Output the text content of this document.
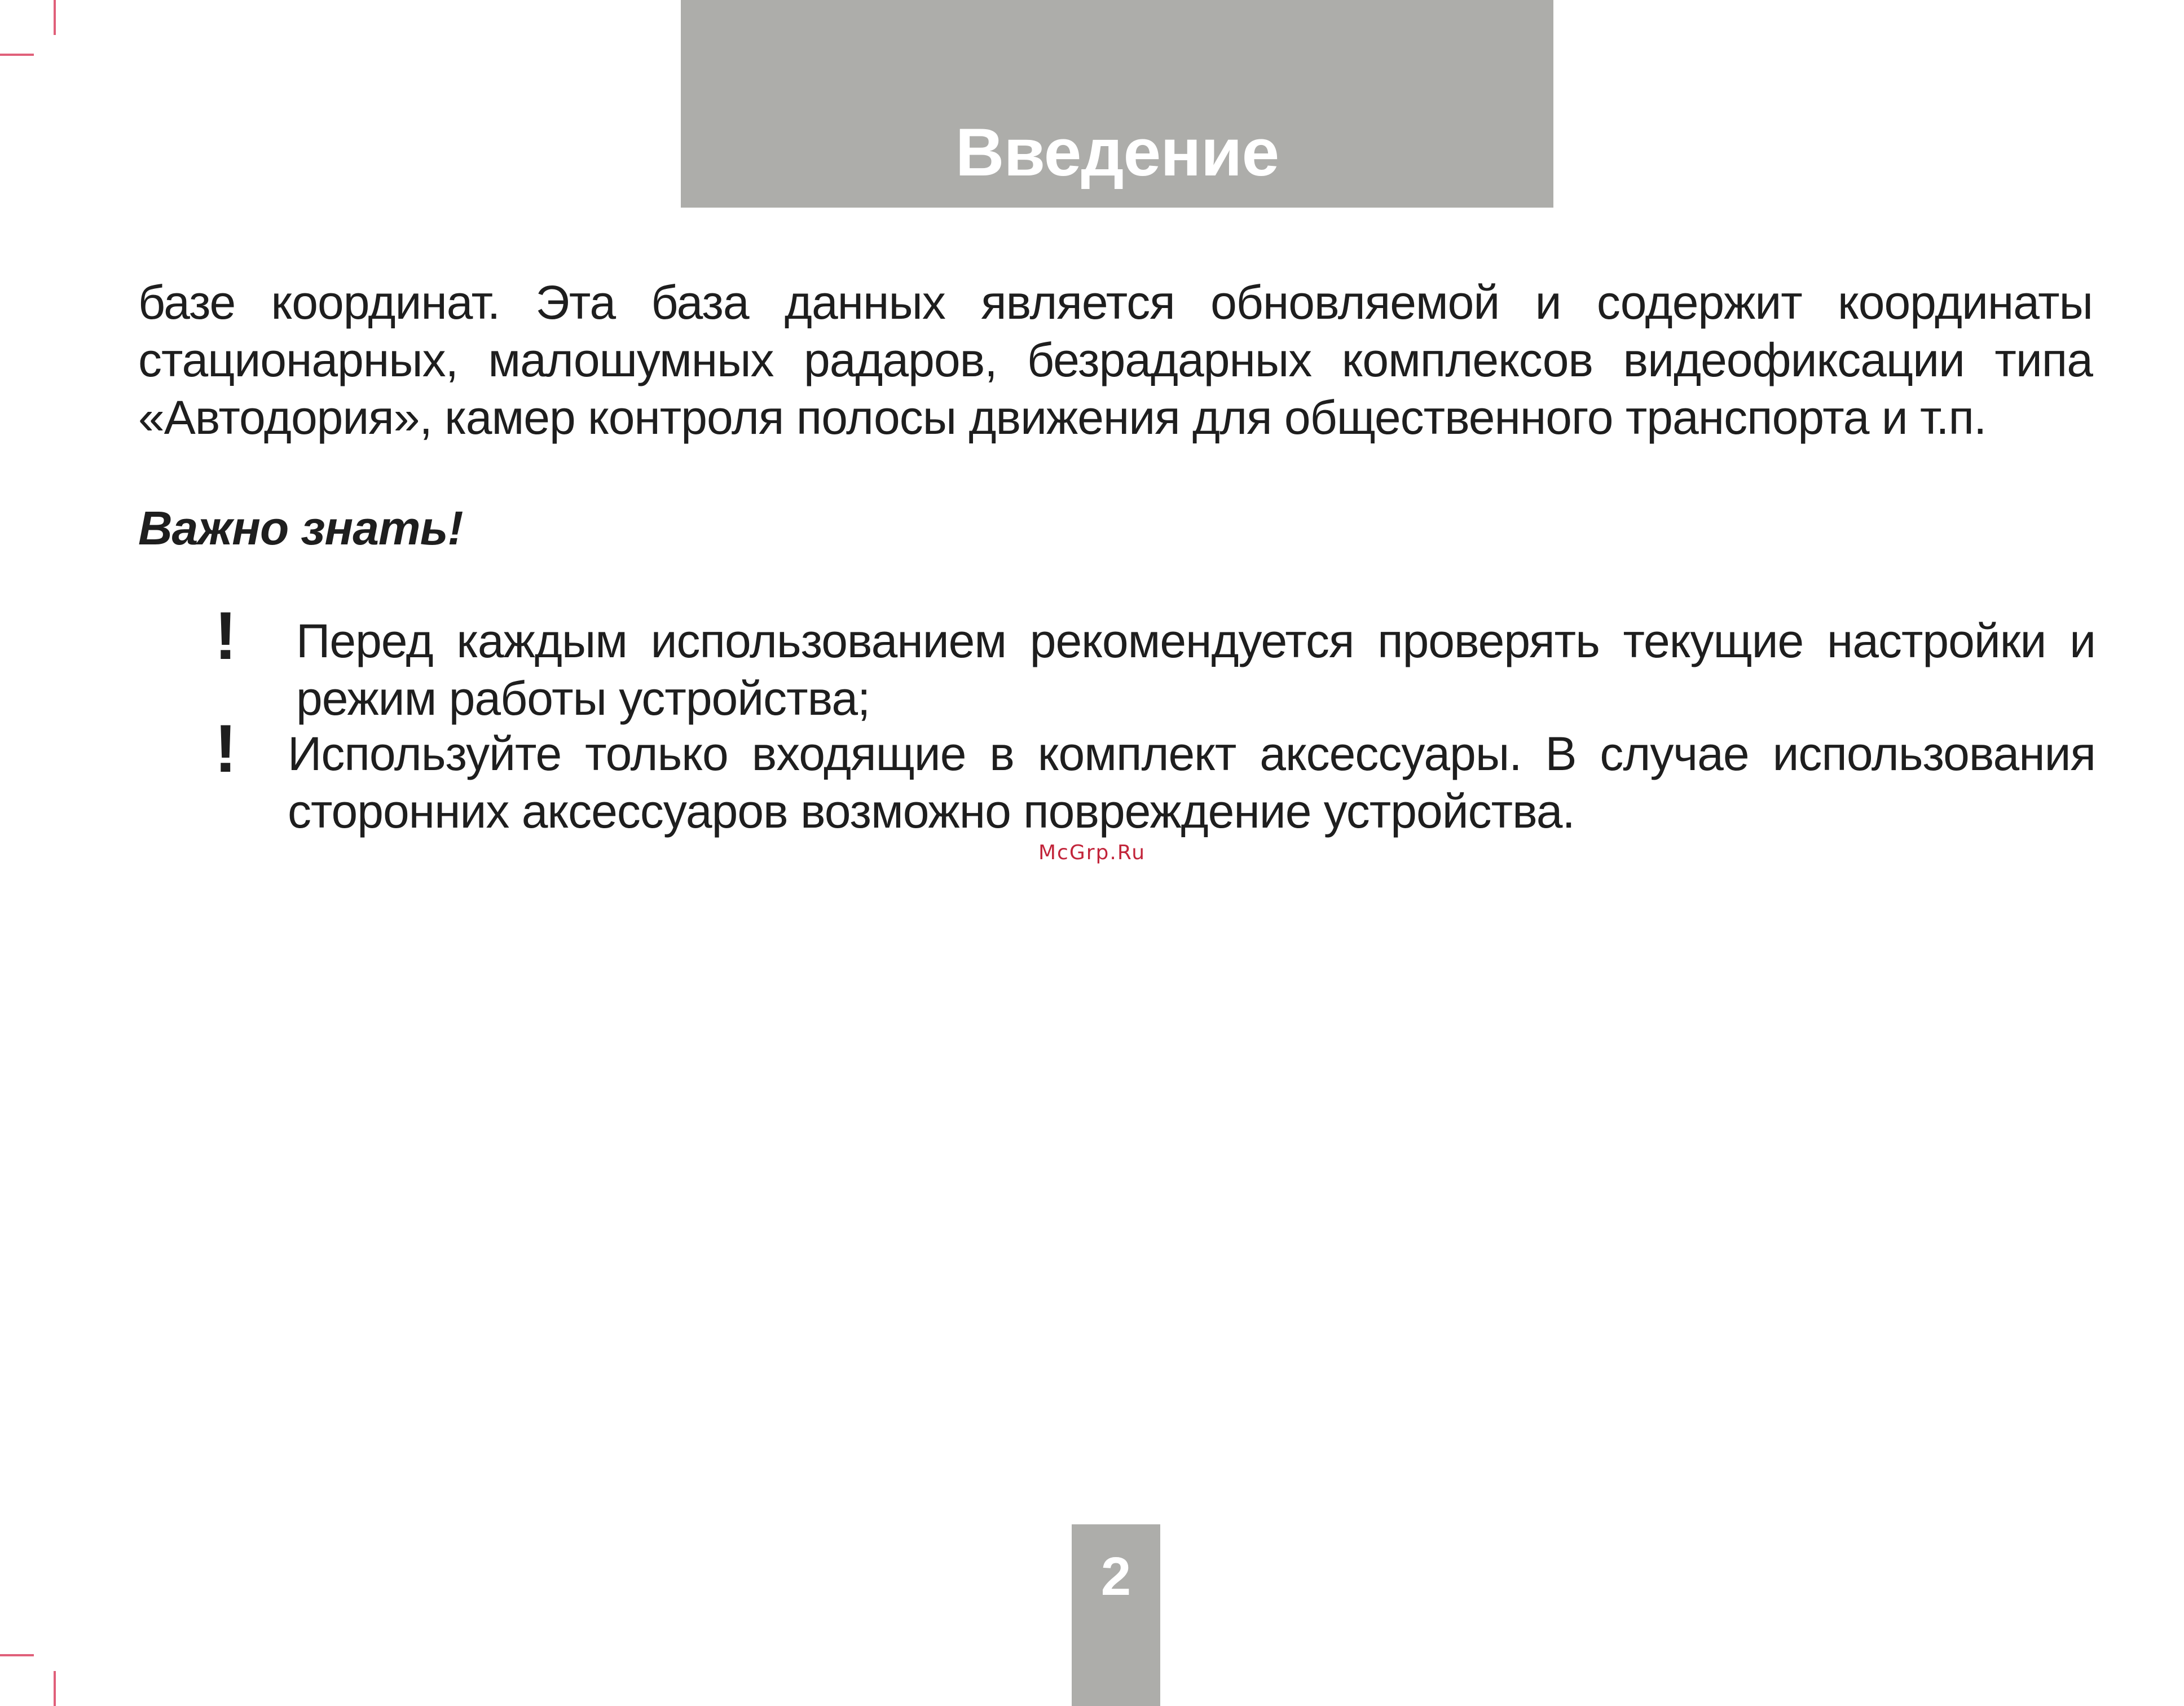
Введение
базе координат. Эта база данных является обновляемой и содержит координаты стационарных, малошумных радаров, безрадарных комплексов видеофиксации типа «Автодория», камер контроля полосы движения для общественного транспорта и т.п.
Важно знать!
! Перед каждым использованием рекомендуется проверять текущие настройки и режим работы устройства;
! Используйте только входящие в комплект аксессуары. В случае использования сторонних аксессуаров возможно повреждение устройства.
McGrp.Ru
2
